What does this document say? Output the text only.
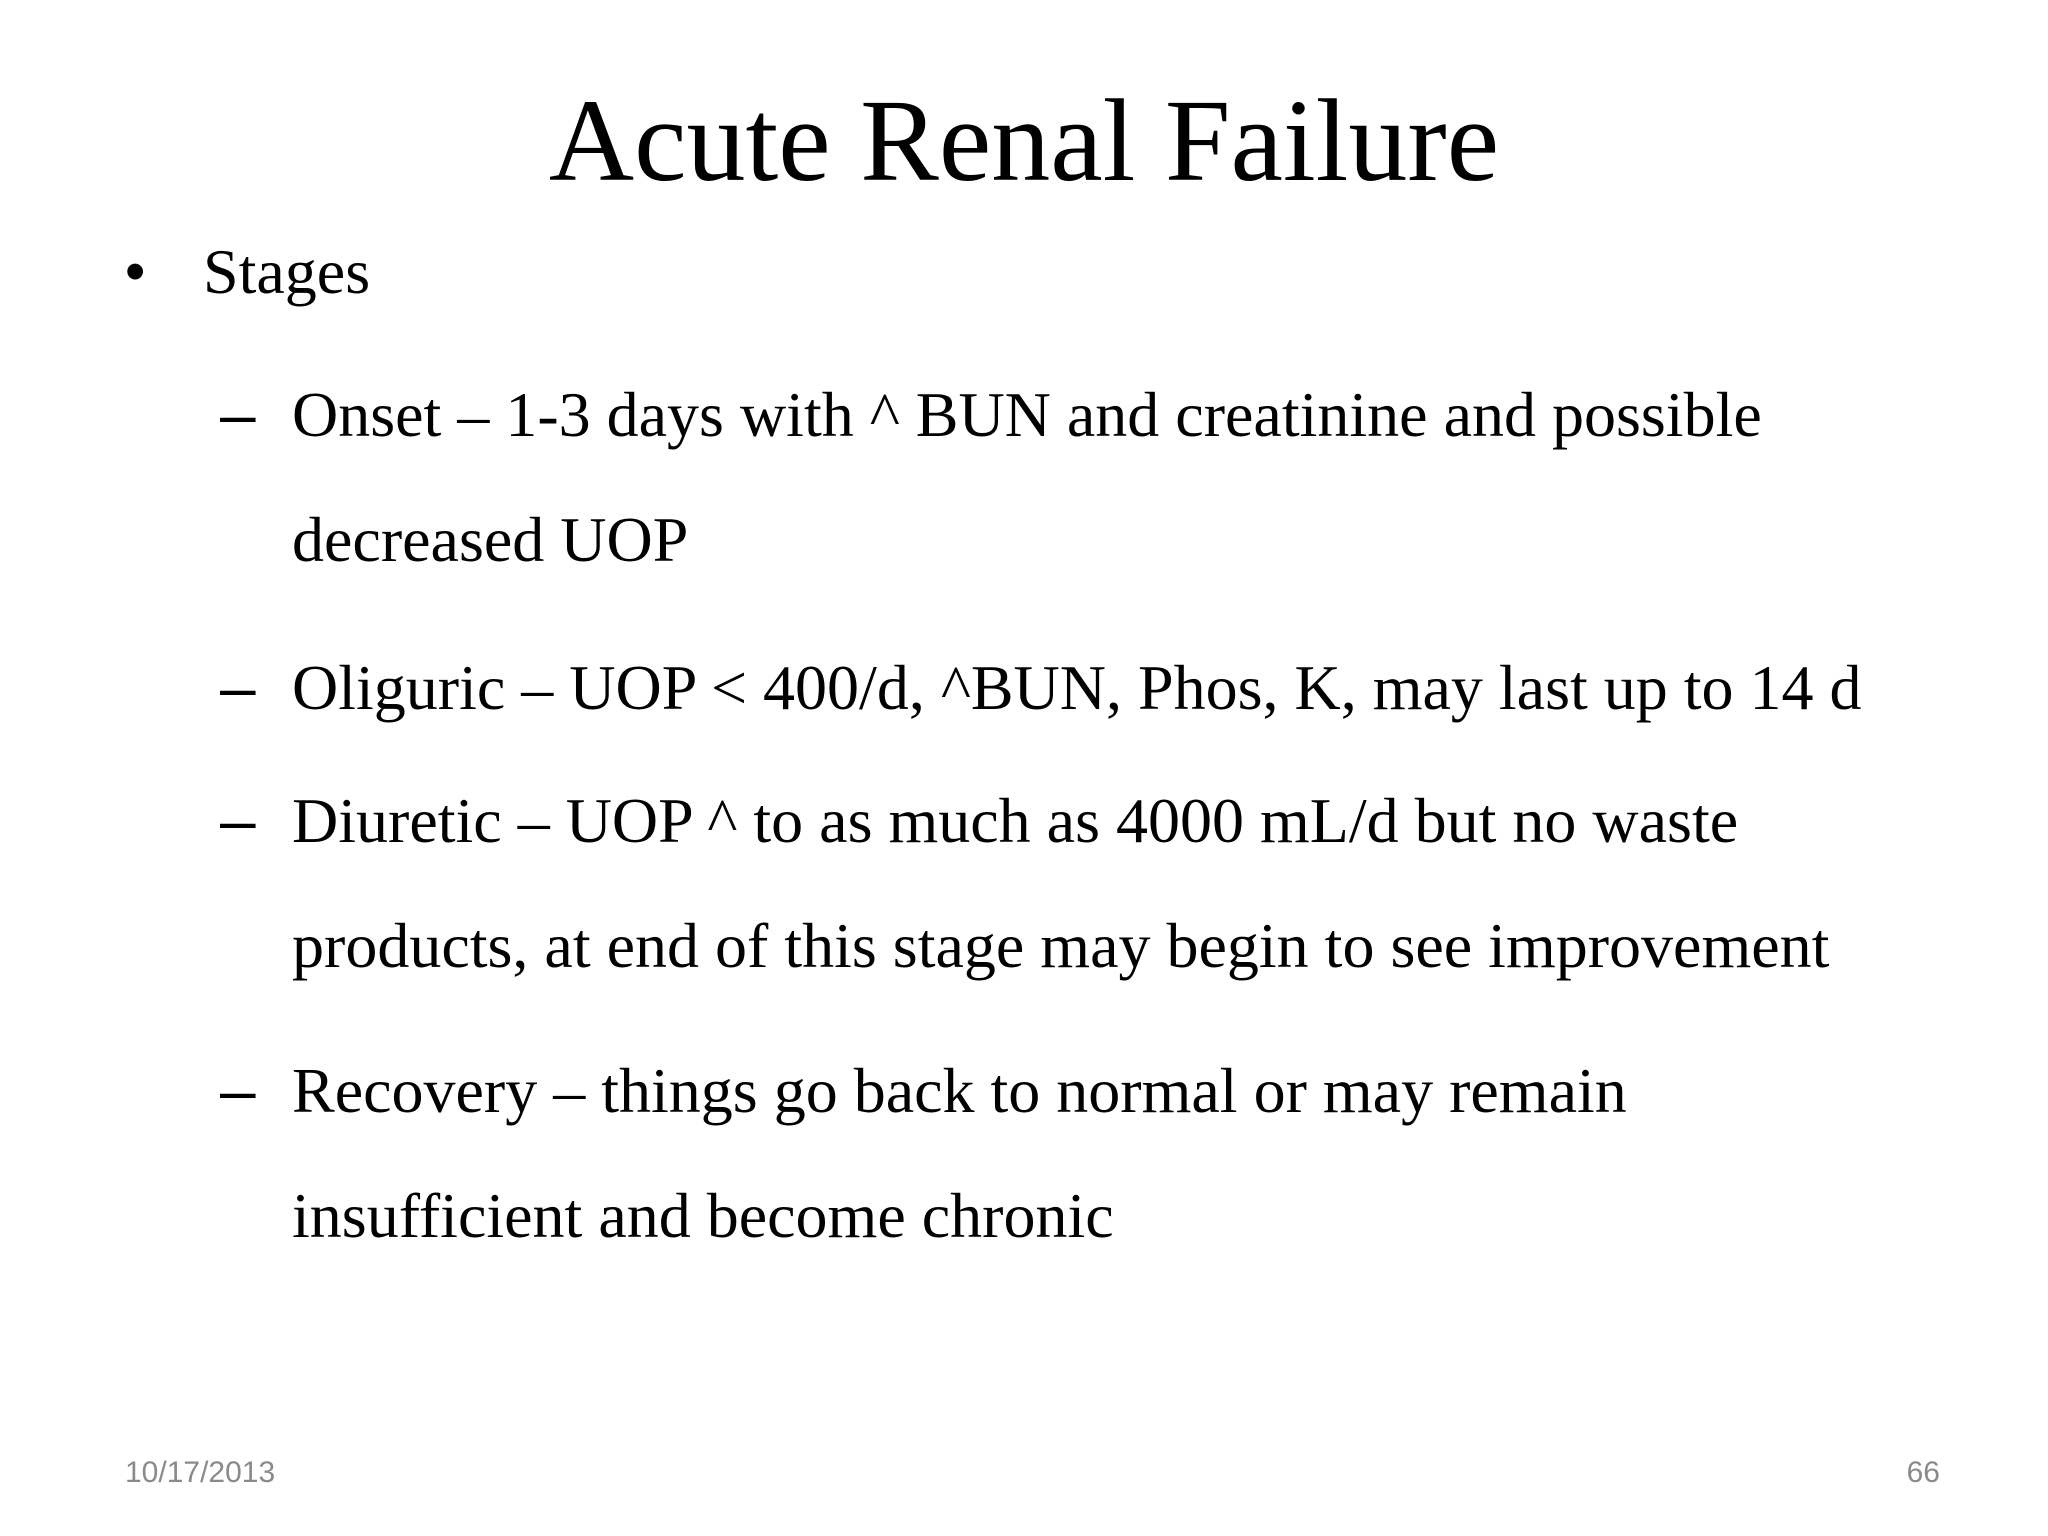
Acute Renal Failure
• Stages
– Onset – 1-3 days with ^ BUN and creatinine and possible
decreased UOP
– Oliguric – UOP < 400/d, ^BUN, Phos, K, may last up to 14 d
– Diuretic – UOP ^ to as much as 4000 mL/d but no waste
products, at end of this stage may begin to see improvement
– Recovery – things go back to normal or may remain
insufficient and become chronic
10/17/2013	66
